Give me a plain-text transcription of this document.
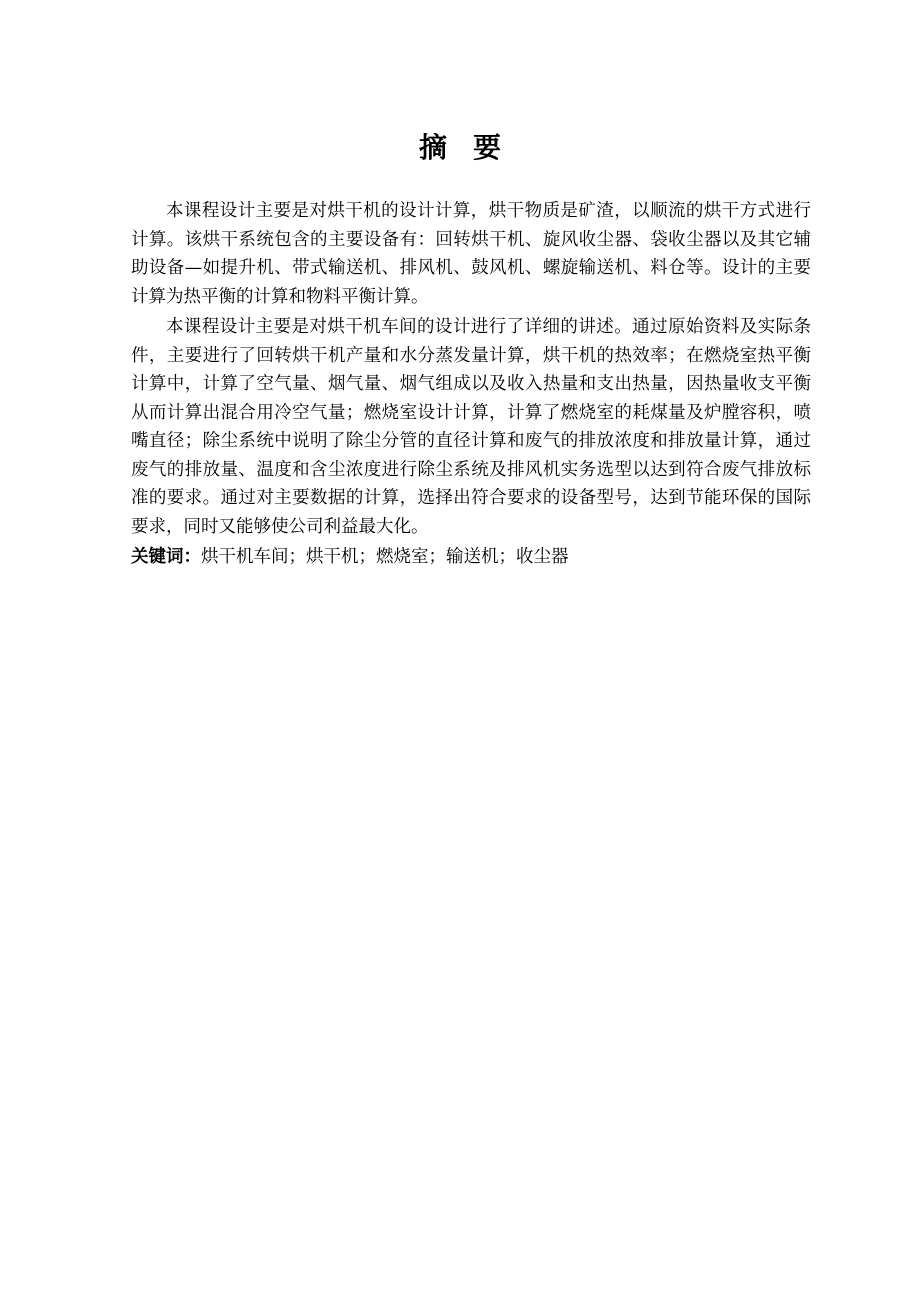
摘要

本课程设计主要是对烘干机的设计计算，烘干物质是矿渣，以顺流的烘干方式进行计算。该烘干系统包含的主要设备有：回转烘干机、旋风收尘器、袋收尘器以及其它辅助设备—如提升机、带式输送机、排风机、鼓风机、螺旋输送机、料仓等。设计的主要计算为热平衡的计算和物料平衡计算。

本课程设计主要是对烘干机车间的设计进行了详细的讲述。通过原始资料及实际条件，主要进行了回转烘干机产量和水分蒸发量计算，烘干机的热效率；在燃烧室热平衡计算中，计算了空气量、烟气量、烟气组成以及收入热量和支出热量，因热量收支平衡从而计算出混合用冷空气量；燃烧室设计计算，计算了燃烧室的耗煤量及炉膛容积，喷嘴直径；除尘系统中说明了除尘分管的直径计算和废气的排放浓度和排放量计算，通过废气的排放量、温度和含尘浓度进行除尘系统及排风机实务选型以达到符合废气排放标准的要求。通过对主要数据的计算，选择出符合要求的设备型号，达到节能环保的国际要求，同时又能够使公司利益最大化。

关键词：烘干机车间；烘干机；燃烧室；输送机；收尘器
